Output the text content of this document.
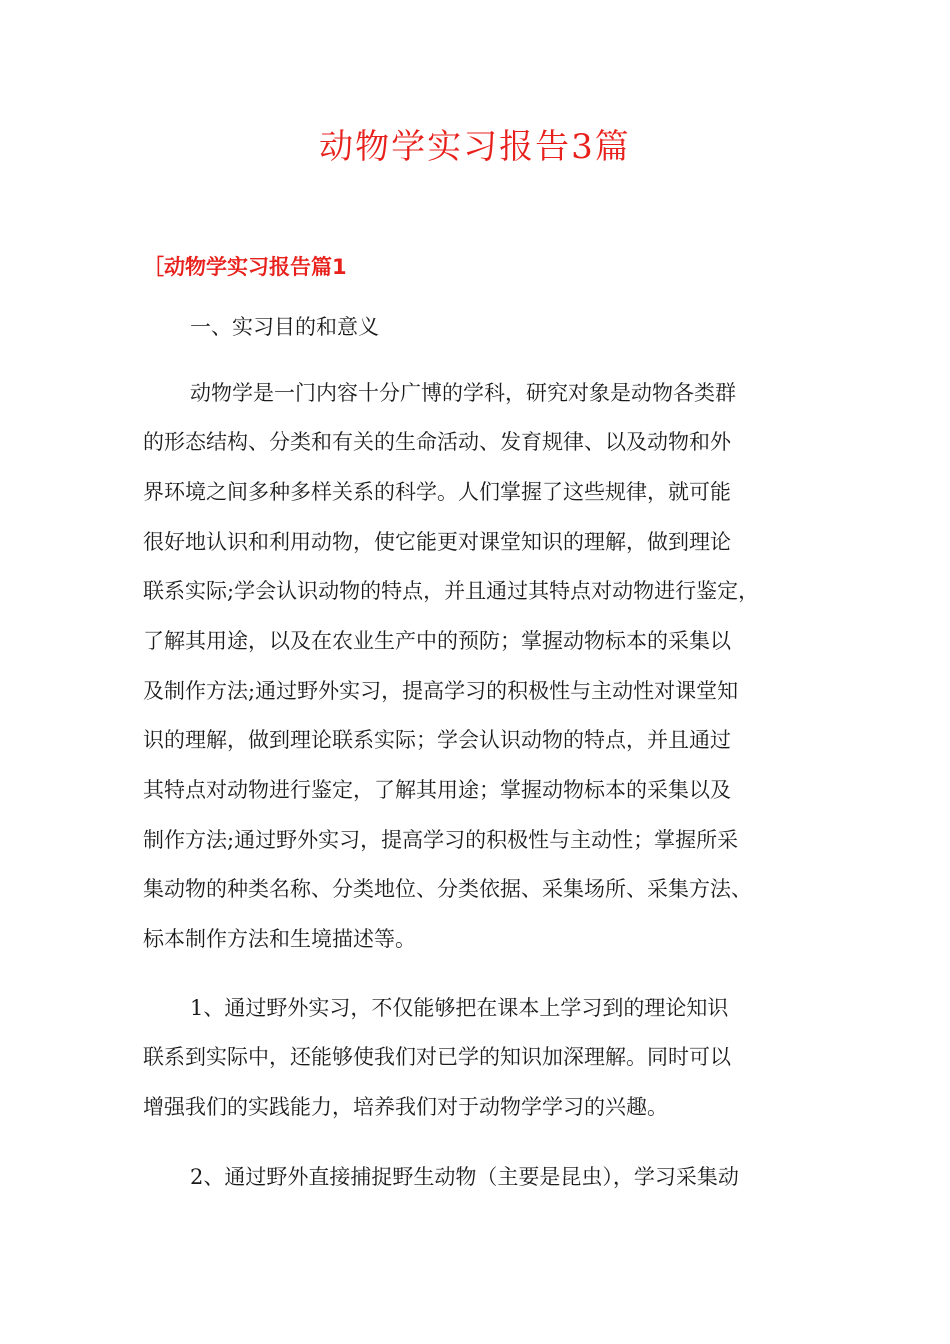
动物学实习报告3篇
［动物学实习报告篇1

一、实习目的和意义

动物学是一门内容十分广博的学科，研究对象是动物各类群

的形态结构、分类和有关的生命活动、发育规律、以及动物和外

界环境之间多种多样关系的科学。人们掌握了这些规律，就可能

很好地认识和利用动物，使它能更对课堂知识的理解，做到理论

联系实际;学会认识动物的特点，并且通过其特点对动物进行鉴定，

了解其用途，以及在农业生产中的预防；掌握动物标本的采集以

及制作方法;通过野外实习，提高学习的积极性与主动性对课堂知

识的理解，做到理论联系实际；学会认识动物的特点，并且通过

其特点对动物进行鉴定，了解其用途；掌握动物标本的采集以及

制作方法;通过野外实习，提高学习的积极性与主动性；掌握所采

集动物的种类名称、分类地位、分类依据、采集场所、采集方法、

标本制作方法和生境描述等。

1、通过野外实习，不仅能够把在课本上学习到的理论知识

联系到实际中，还能够使我们对已学的知识加深理解。同时可以

增强我们的实践能力，培养我们对于动物学学习的兴趣。

2、通过野外直接捕捉野生动物（主要是昆虫），学习采集动
